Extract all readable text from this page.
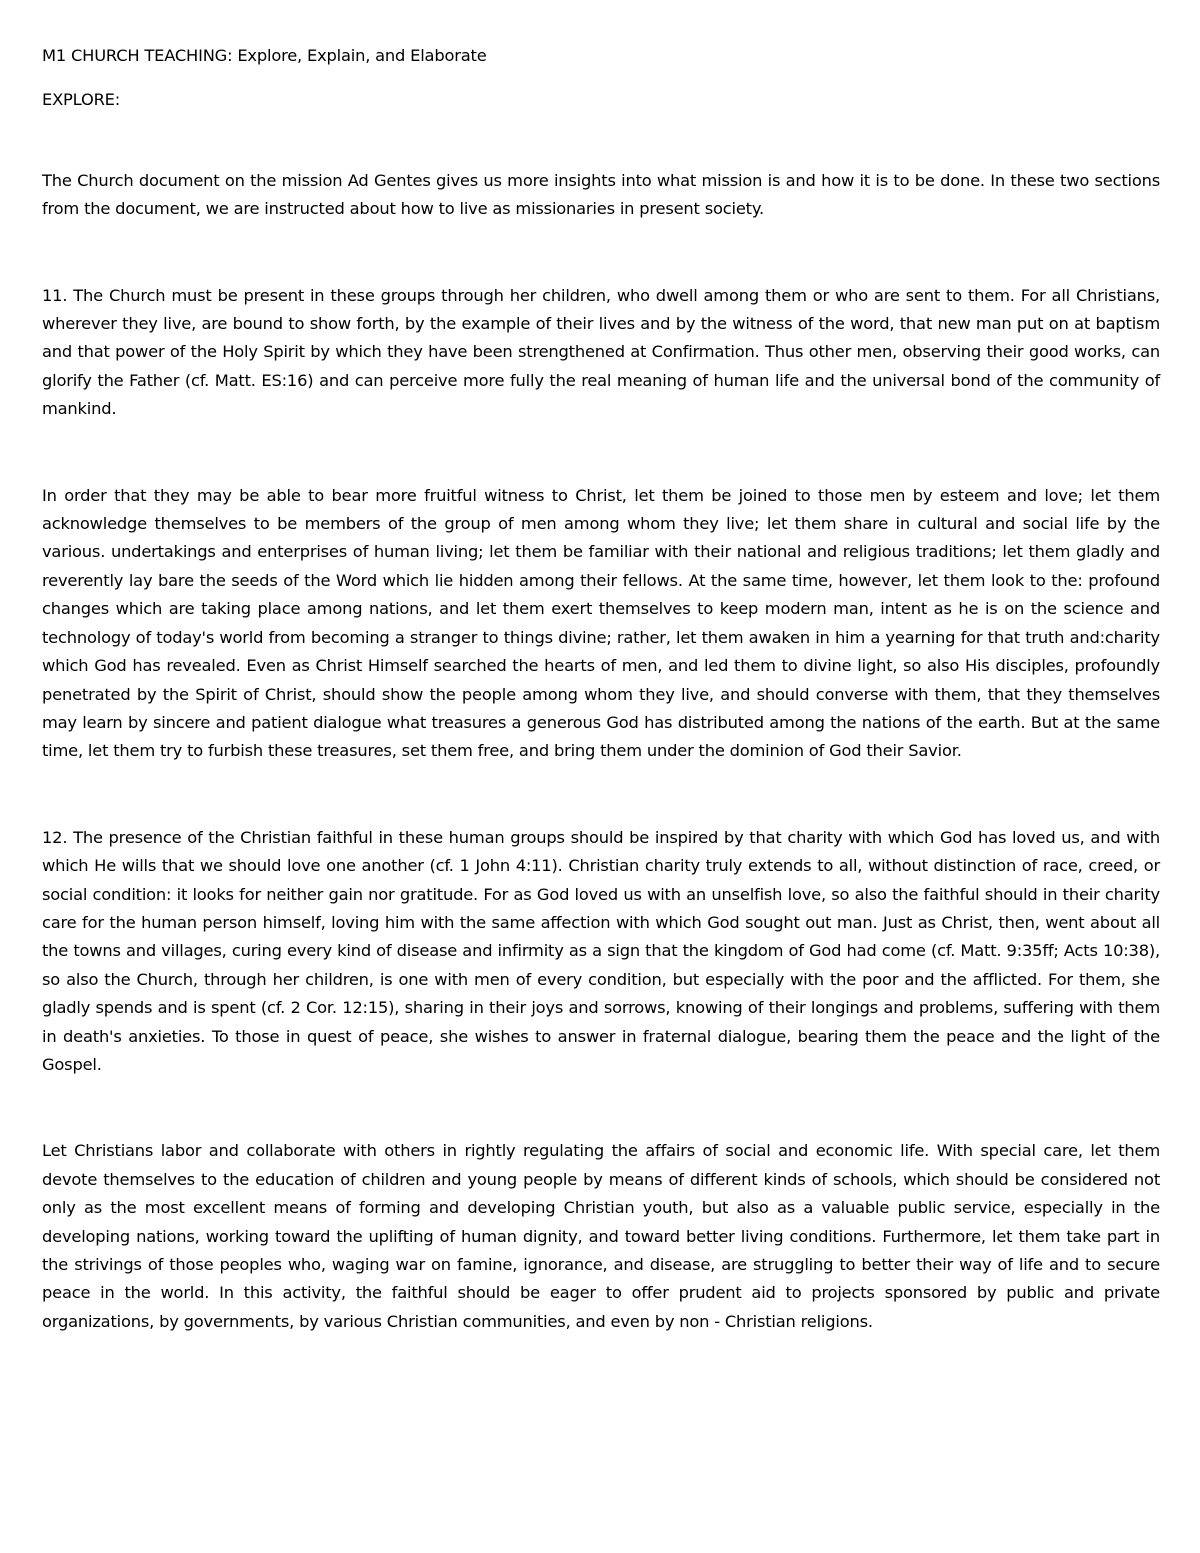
M1 CHURCH TEACHING: Explore, Explain, and Elaborate
EXPLORE:

The Church document on the mission Ad Gentes gives us more insights into what mission is and how it is to be done. In these two sections from the document, we are instructed about how to live as missionaries in present society.

11. The Church must be present in these groups through her children, who dwell among them or who are sent to them. For all Christians, wherever they live, are bound to show forth, by the example of their lives and by the witness of the word, that new man put on at baptism and that power of the Holy Spirit by which they have been strengthened at Confirmation. Thus other men, observing their good works, can glorify the Father (cf. Matt. ES:16) and can perceive more fully the real meaning of human life and the universal bond of the community of mankind.

In order that they may be able to bear more fruitful witness to Christ, let them be joined to those men by esteem and love; let them acknowledge themselves to be members of the group of men among whom they live; let them share in cultural and social life by the various. undertakings and enterprises of human living; let them be familiar with their national and religious traditions; let them gladly and reverently lay bare the seeds of the Word which lie hidden among their fellows. At the same time, however, let them look to the: profound changes which are taking place among nations, and let them exert themselves to keep modern man, intent as he is on the science and technology of today's world from becoming a stranger to things divine; rather, let them awaken in him a yearning for that truth and:charity which God has revealed. Even as Christ Himself searched the hearts of men, and led them to divine light, so also His disciples, profoundly penetrated by the Spirit of Christ, should show the people among whom they live, and should converse with them, that they themselves may learn by sincere and patient dialogue what treasures a generous God has distributed among the nations of the earth. But at the same time, let them try to furbish these treasures, set them free, and bring them under the dominion of God their Savior.

12. The presence of the Christian faithful in these human groups should be inspired by that charity with which God has loved us, and with which He wills that we should love one another (cf. 1 John 4:11). Christian charity truly extends to all, without distinction of race, creed, or social condition: it looks for neither gain nor gratitude. For as God loved us with an unselfish love, so also the faithful should in their charity care for the human person himself, loving him with the same affection with which God sought out man. Just as Christ, then, went about all the towns and villages, curing every kind of disease and infirmity as a sign that the kingdom of God had come (cf. Matt. 9:35ff; Acts 10:38), so also the Church, through her children, is one with men of every condition, but especially with the poor and the afflicted. For them, she gladly spends and is spent (cf. 2 Cor. 12:15), sharing in their joys and sorrows, knowing of their longings and problems, suffering with them in death's anxieties. To those in quest of peace, she wishes to answer in fraternal dialogue, bearing them the peace and the light of the Gospel.

Let Christians labor and collaborate with others in rightly regulating the affairs of social and economic life. With special care, let them devote themselves to the education of children and young people by means of different kinds of schools, which should be considered not only as the most excellent means of forming and developing Christian youth, but also as a valuable public service, especially in the developing nations, working toward the uplifting of human dignity, and toward better living conditions. Furthermore, let them take part in the strivings of those peoples who, waging war on famine, ignorance, and disease, are struggling to better their way of life and to secure peace in the world. In this activity, the faithful should be eager to offer prudent aid to projects sponsored by public and private organizations, by governments, by various Christian communities, and even by non - Christian religions.
